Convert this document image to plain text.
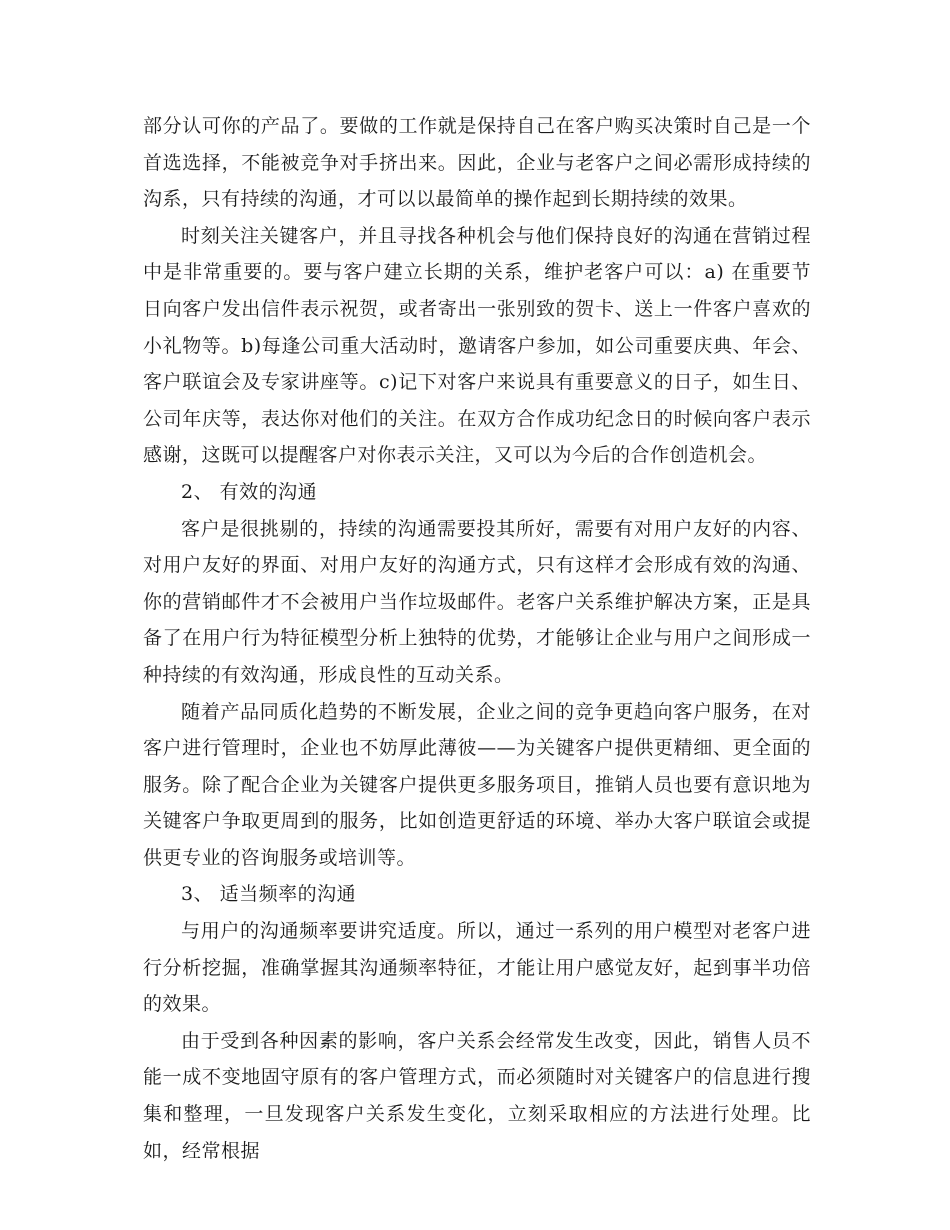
部分认可你的产品了。要做的工作就是保持自己在客户购买决策时自己是一个首选选择，不能被竞争对手挤出来。因此，企业与老客户之间必需形成持续的沟系，只有持续的沟通，才可以以最简单的操作起到长期持续的效果。

时刻关注关键客户，并且寻找各种机会与他们保持良好的沟通在营销过程中是非常重要的。要与客户建立长期的关系，维护老客户可以：a) 在重要节日向客户发出信件表示祝贺，或者寄出一张别致的贺卡、送上一件客户喜欢的小礼物等。b)每逢公司重大活动时，邀请客户参加，如公司重要庆典、年会、客户联谊会及专家讲座等。c)记下对客户来说具有重要意义的日子，如生日、公司年庆等，表达你对他们的关注。在双方合作成功纪念日的时候向客户表示感谢，这既可以提醒客户对你表示关注，又可以为今后的合作创造机会。

2、 有效的沟通

客户是很挑剔的，持续的沟通需要投其所好，需要有对用户友好的内容、对用户友好的界面、对用户友好的沟通方式，只有这样才会形成有效的沟通、你的营销邮件才不会被用户当作垃圾邮件。老客户关系维护解决方案，正是具备了在用户行为特征模型分析上独特的优势，才能够让企业与用户之间形成一种持续的有效沟通，形成良性的互动关系。

随着产品同质化趋势的不断发展，企业之间的竞争更趋向客户服务，在对客户进行管理时，企业也不妨厚此薄彼——为关键客户提供更精细、更全面的服务。除了配合企业为关键客户提供更多服务项目，推销人员也要有意识地为关键客户争取更周到的服务，比如创造更舒适的环境、举办大客户联谊会或提供更专业的咨询服务或培训等。

3、 适当频率的沟通

与用户的沟通频率要讲究适度。所以，通过一系列的用户模型对老客户进行分析挖掘，准确掌握其沟通频率特征，才能让用户感觉友好，起到事半功倍的效果。

由于受到各种因素的影响，客户关系会经常发生改变，因此，销售人员不能一成不变地固守原有的客户管理方式，而必须随时对关键客户的信息进行搜集和整理，一旦发现客户关系发生变化，立刻采取相应的方法进行处理。比如，经常根据
